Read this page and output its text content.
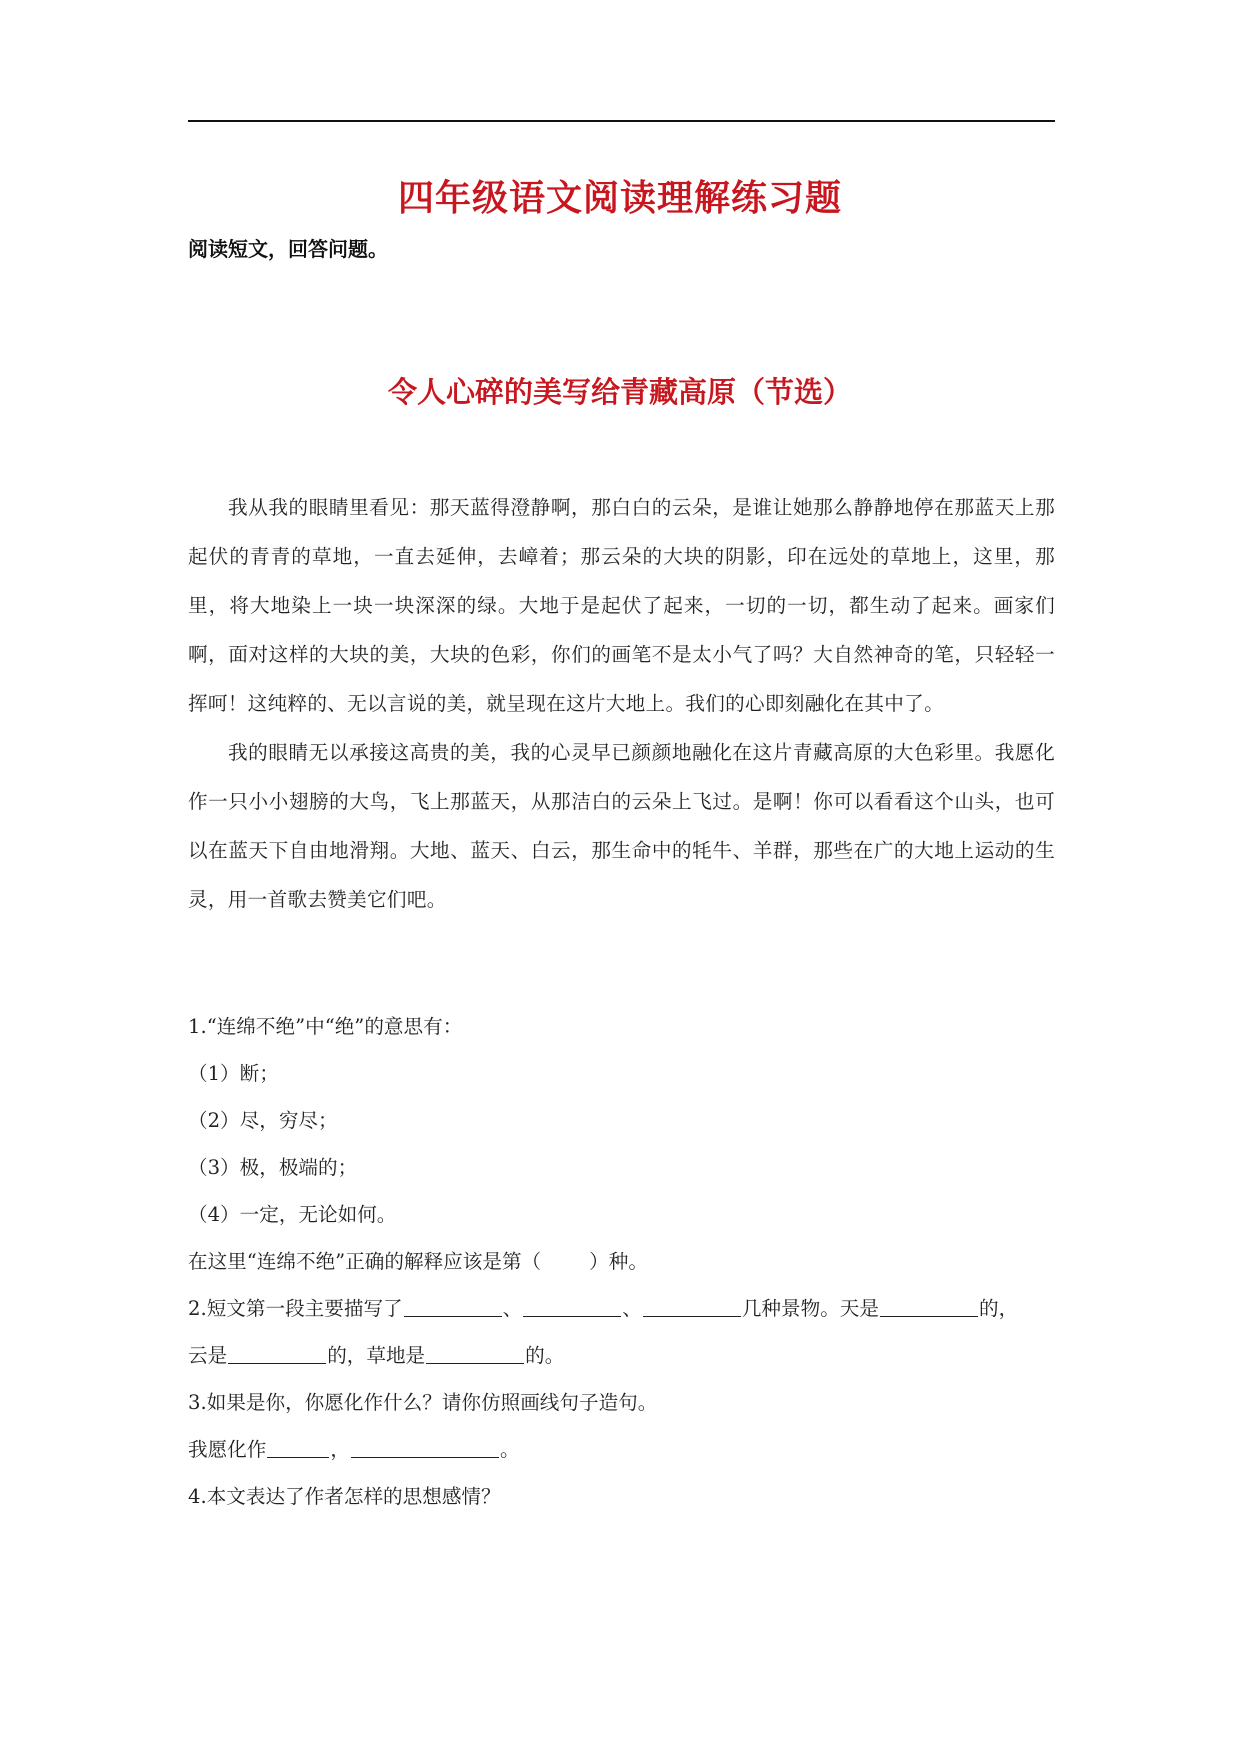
四年级语文阅读理解练习题
阅读短文，回答问题。
令人心碎的美写给青藏高原（节选）

我从我的眼睛里看见：那天蓝得澄静啊，那白白的云朵，是谁让她那么静静地停在那蓝天上那起伏的青青的草地，一直去延伸，去嶂着；那云朵的大块的阴影，印在远处的草地上，这里，那里，将大地染上一块一块深深的绿。大地于是起伏了起来，一切的一切，都生动了起来。画家们啊，面对这样的大块的美，大块的色彩，你们的画笔不是太小气了吗？大自然神奇的笔，只轻轻一挥呵！这纯粹的、无以言说的美，就呈现在这片大地上。我们的心即刻融化在其中了。

我的眼睛无以承接这高贵的美，我的心灵早已颜颜地融化在这片青藏高原的大色彩里。我愿化作一只小小翅膀的大鸟，飞上那蓝天，从那洁白的云朵上飞过。是啊！你可以看看这个山头，也可以在蓝天下自由地滑翔。大地、蓝天、白云，那生命中的牦牛、羊群，那些在广的大地上运动的生灵，用一首歌去赞美它们吧。

1.“连绵不绝”中“绝”的意思有：

（1）断；

（2）尽，穷尽；

（3）极，极端的；

（4）一定，无论如何。

在这里“连绵不绝”正确的解释应该是第（ ）种。

2.短文第一段主要描写了	、	、	几种景物。天是	的，

云是	的，草地是	的。

3.如果是你，你愿化作什么？请你仿照画线句子造句。

我愿化作	，	。

4.本文表达了作者怎样的思想感情？
